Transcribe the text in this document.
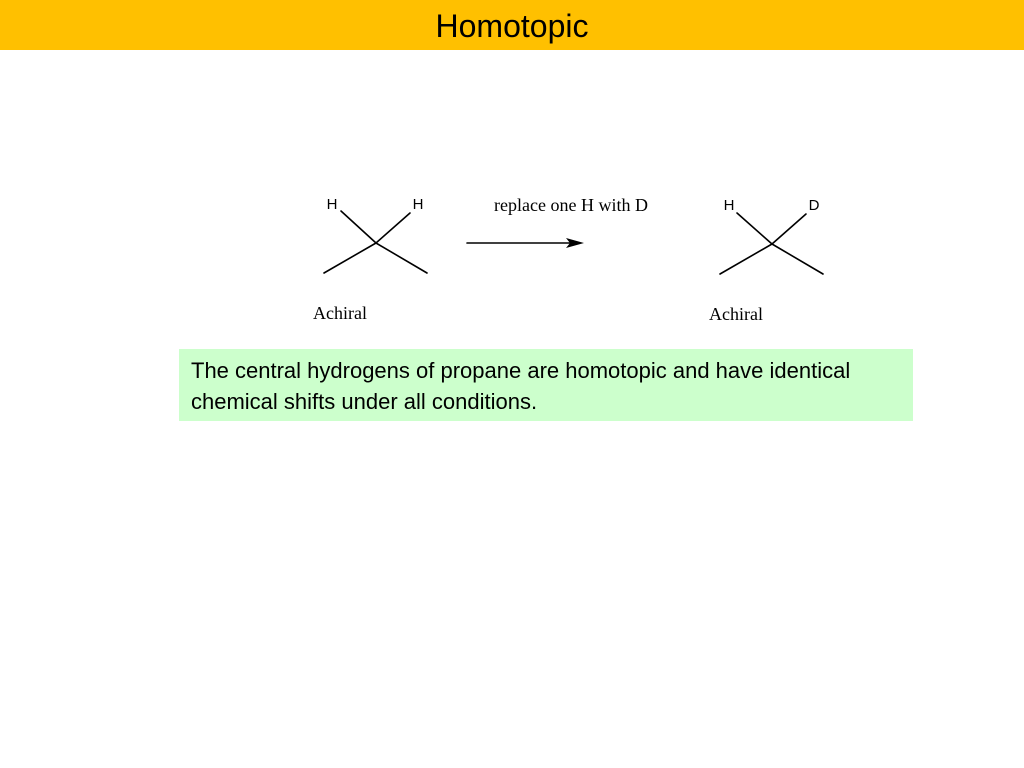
Homotopic
H	H
Achiral
replace one H with D	H	D
Achiral

The central hydrogens of propane are homotopic and have identical chemical shifts under all conditions.
